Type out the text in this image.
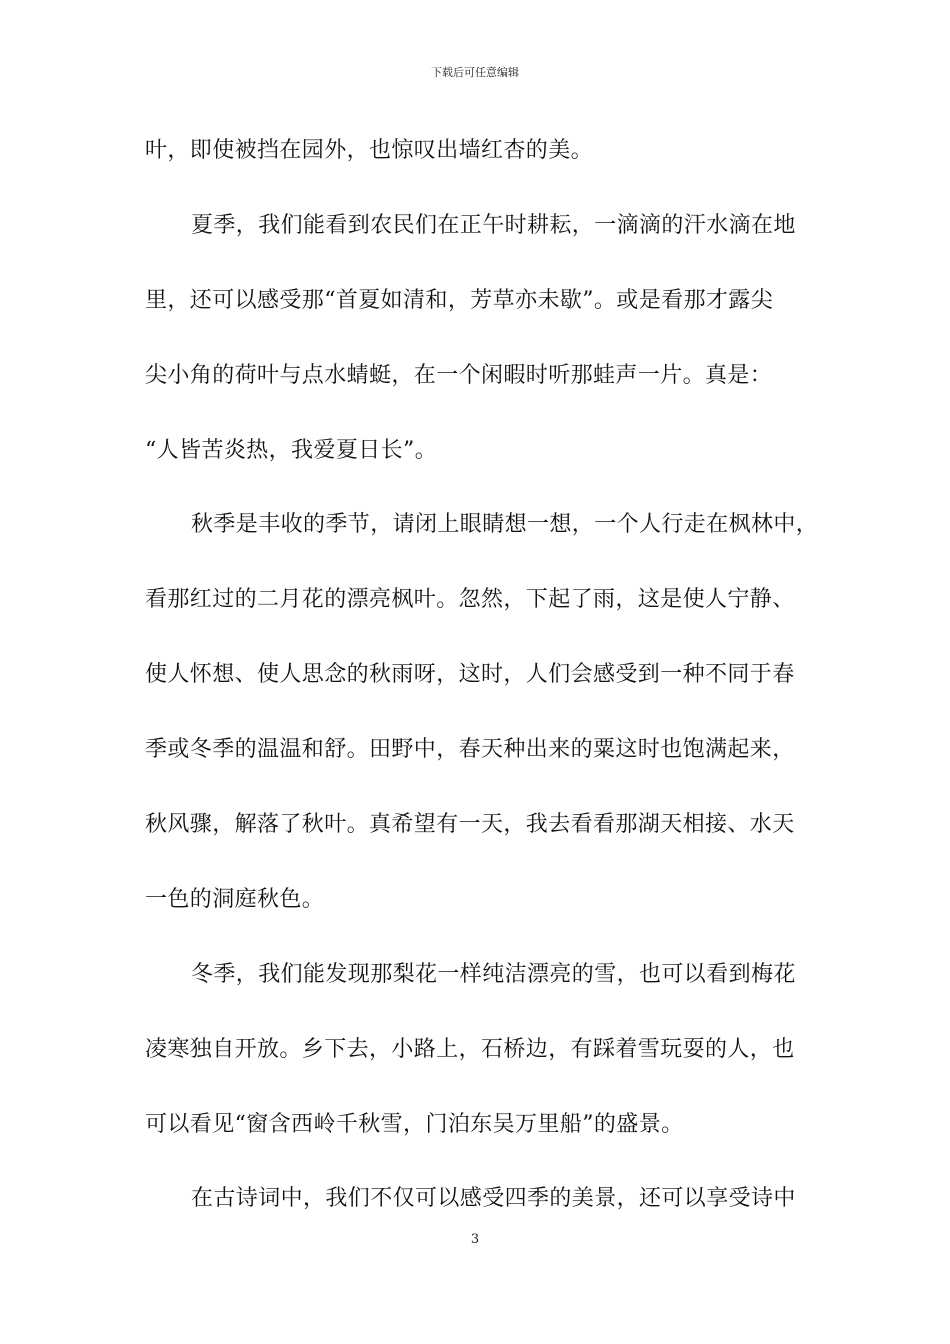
下载后可任意编辑
叶，即使被挡在园外，也惊叹出墙红杏的美。
夏季，我们能看到农民们在正午时耕耘，一滴滴的汗水滴在地
里，还可以感受那“首夏如清和，芳草亦未歇”。或是看那才露尖
尖小角的荷叶与点水蜻蜓，在一个闲暇时听那蛙声一片。真是：
“人皆苦炎热，我爱夏日长”。
秋季是丰收的季节，请闭上眼睛想一想，一个人行走在枫林中，
看那红过的二月花的漂亮枫叶。忽然，下起了雨，这是使人宁静、
使人怀想、使人思念的秋雨呀，这时，人们会感受到一种不同于春
季或冬季的温温和舒。田野中，春天种出来的粟这时也饱满起来，
秋风骤，解落了秋叶。真希望有一天，我去看看那湖天相接、水天
一色的洞庭秋色。
冬季，我们能发现那梨花一样纯洁漂亮的雪，也可以看到梅花
凌寒独自开放。乡下去，小路上，石桥边，有踩着雪玩耍的人，也
可以看见“窗含西岭千秋雪，门泊东吴万里船”的盛景。
在古诗词中，我们不仅可以感受四季的美景，还可以享受诗中
3
